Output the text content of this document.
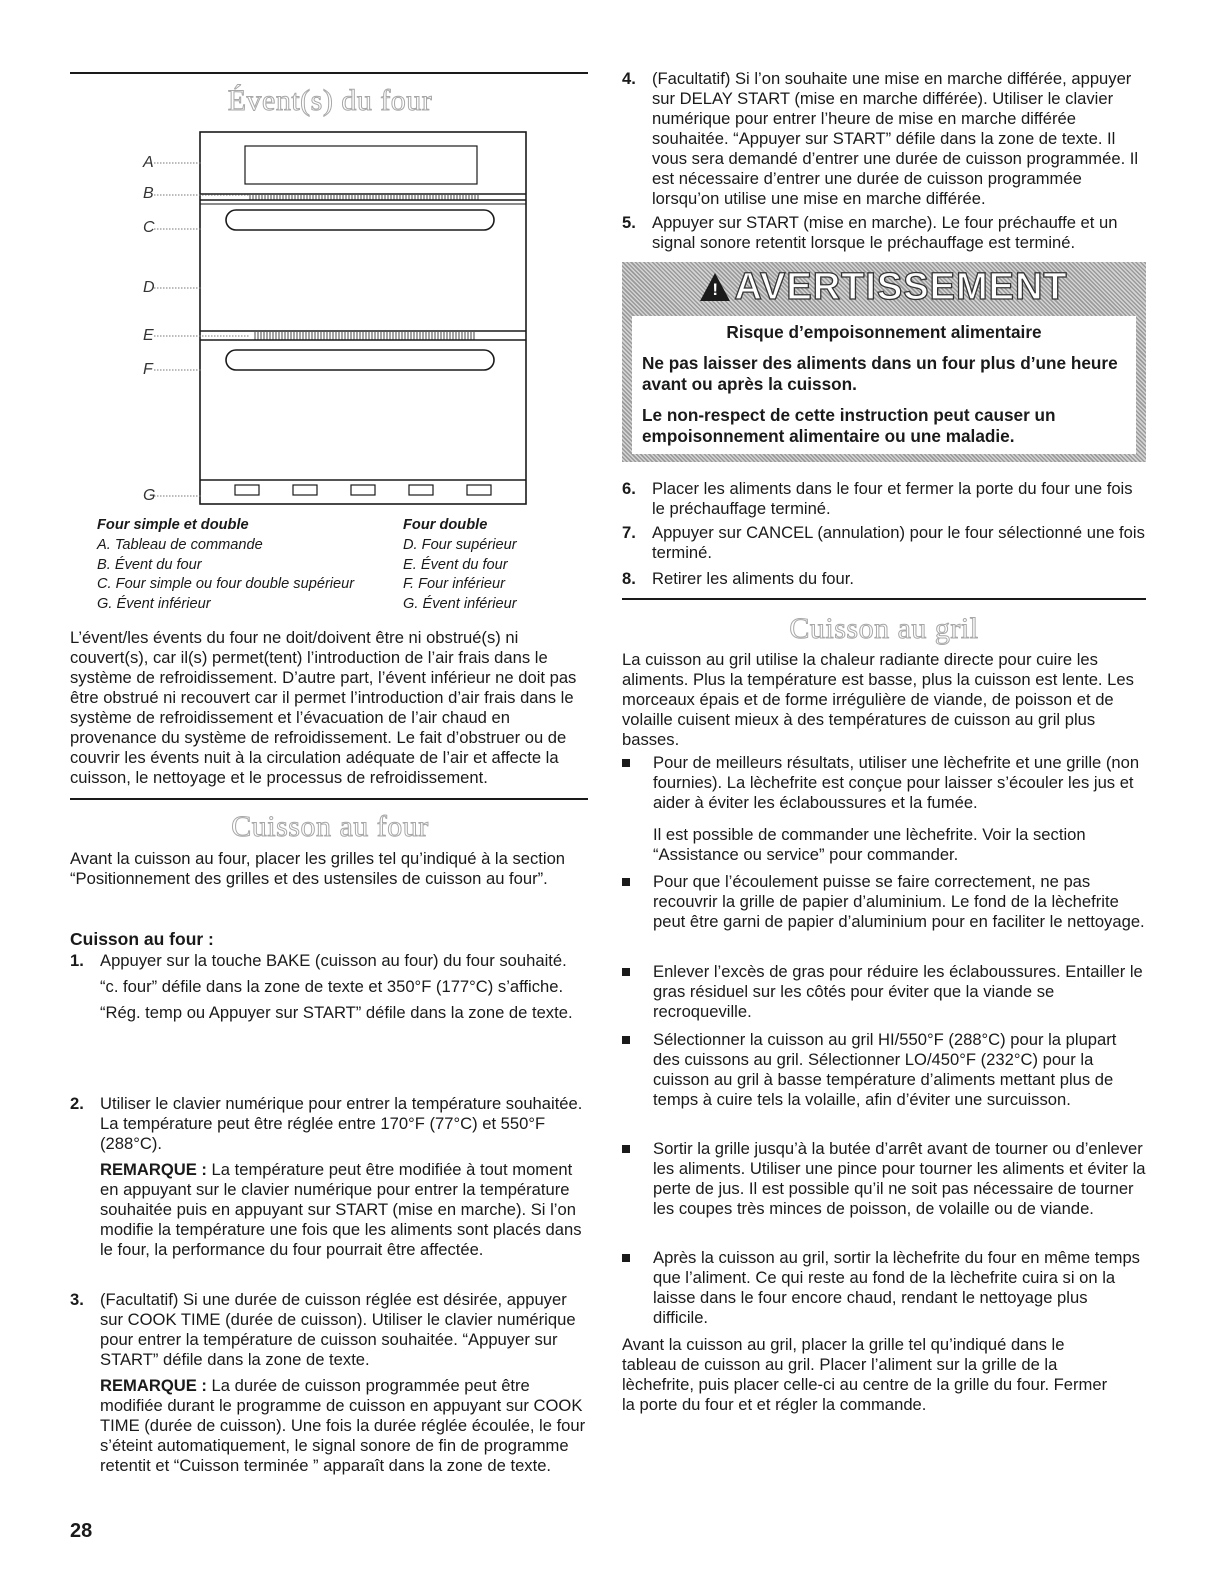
Évent(s) du four
A
B
C
D
E
F
G
Four simple et double
A. Tableau de commande
B. Évent du four
C. Four simple ou four double supérieur
G. Évent inférieur
Four double
D. Four supérieur
E. Évent du four
F. Four inférieur
G. Évent inférieur

L’évent/les évents du four ne doit/doivent être ni obstrué(s) ni couvert(s), car il(s) permet(tent) l’introduction de l’air frais dans le système de refroidissement. D’autre part, l’évent inférieur ne doit pas être obstrué ni recouvert car il permet l’introduction d’air frais dans le système de refroidissement et l’évacuation de l’air chaud en provenance du système de refroidissement. Le fait d’obstruer ou de couvrir les évents nuit à la circulation adéquate de l’air et affecte la cuisson, le nettoyage et le processus de refroidissement.

Cuisson au four

Avant la cuisson au four, placer les grilles tel qu’indiqué à la section “Positionnement des grilles et des ustensiles de cuisson au four”.

Cuisson au four :
1. Appuyer sur la touche BAKE (cuisson au four) du four souhaité.

“c. four” défile dans la zone de texte et 350°F (177°C) s’affiche.

“Rég. temp ou Appuyer sur START” défile dans la zone de texte.

2. Utiliser le clavier numérique pour entrer la température souhaitée. La température peut être réglée entre 170°F (77°C) et 550°F (288°C).

REMARQUE : La température peut être modifiée à tout moment en appuyant sur le clavier numérique pour entrer la température souhaitée puis en appuyant sur START (mise en marche). Si l’on modifie la température une fois que les aliments sont placés dans le four, la performance du four pourrait être affectée.

3. (Facultatif) Si une durée de cuisson réglée est désirée, appuyer sur COOK TIME (durée de cuisson). Utiliser le clavier numérique pour entrer la température de cuisson souhaitée. “Appuyer sur START” défile dans la zone de texte.

REMARQUE : La durée de cuisson programmée peut être modifiée durant le programme de cuisson en appuyant sur COOK TIME (durée de cuisson). Une fois la durée réglée écoulée, le four s’éteint automatiquement, le signal sonore de fin de programme retentit et “Cuisson terminée ” apparaît dans la zone de texte.

28
4. (Facultatif) Si l’on souhaite une mise en marche différée, appuyer sur DELAY START (mise en marche différée). Utiliser le clavier numérique pour entrer l’heure de mise en marche différée souhaitée. “Appuyer sur START” défile dans la zone de texte. Il vous sera demandé d’entrer une durée de cuisson programmée. Il est nécessaire d’entrer une durée de cuisson programmée lorsqu’on utilise une mise en marche différée.

5. Appuyer sur START (mise en marche). Le four préchauffe et un signal sonore retentit lorsque le préchauffage est terminé.

!AVERTISSEMENT

Risque d’empoisonnement alimentaire

Ne pas laisser des aliments dans un four plus d’une heure avant ou après la cuisson.

Le non-respect de cette instruction peut causer un empoisonnement alimentaire ou une maladie.

6. Placer les aliments dans le four et fermer la porte du four une fois le préchauffage terminé.

7. Appuyer sur CANCEL (annulation) pour le four sélectionné une fois terminé.

8. Retirer les aliments du four.

Cuisson au gril

La cuisson au gril utilise la chaleur radiante directe pour cuire les aliments. Plus la température est basse, plus la cuisson est lente. Les morceaux épais et de forme irrégulière de viande, de poisson et de volaille cuisent mieux à des températures de cuisson au gril plus basses.

Pour de meilleurs résultats, utiliser une lèchefrite et une grille (non fournies). La lèchefrite est conçue pour laisser s’écouler les jus et aider à éviter les éclaboussures et la fumée.

Il est possible de commander une lèchefrite. Voir la section “Assistance ou service” pour commander.

Pour que l’écoulement puisse se faire correctement, ne pas recouvrir la grille de papier d’aluminium. Le fond de la lèchefrite peut être garni de papier d’aluminium pour en faciliter le nettoyage.

Enlever l’excès de gras pour réduire les éclaboussures. Entailler le gras résiduel sur les côtés pour éviter que la viande se recroqueville.

Sélectionner la cuisson au gril HI/550°F (288°C) pour la plupart des cuissons au gril. Sélectionner LO/450°F (232°C) pour la cuisson au gril à basse température d’aliments mettant plus de temps à cuire tels la volaille, afin d’éviter une surcuisson.

Sortir la grille jusqu’à la butée d’arrêt avant de tourner ou d’enlever les aliments. Utiliser une pince pour tourner les aliments et éviter la perte de jus. Il est possible qu’il ne soit pas nécessaire de tourner les coupes très minces de poisson, de volaille ou de viande.

Après la cuisson au gril, sortir la lèchefrite du four en même temps que l’aliment. Ce qui reste au fond de la lèchefrite cuira si on la laisse dans le four encore chaud, rendant le nettoyage plus difficile.

Avant la cuisson au gril, placer la grille tel qu’indiqué dans le tableau de cuisson au gril. Placer l’aliment sur la grille de la lèchefrite, puis placer celle-ci au centre de la grille du four. Fermer la porte du four et et régler la commande.
